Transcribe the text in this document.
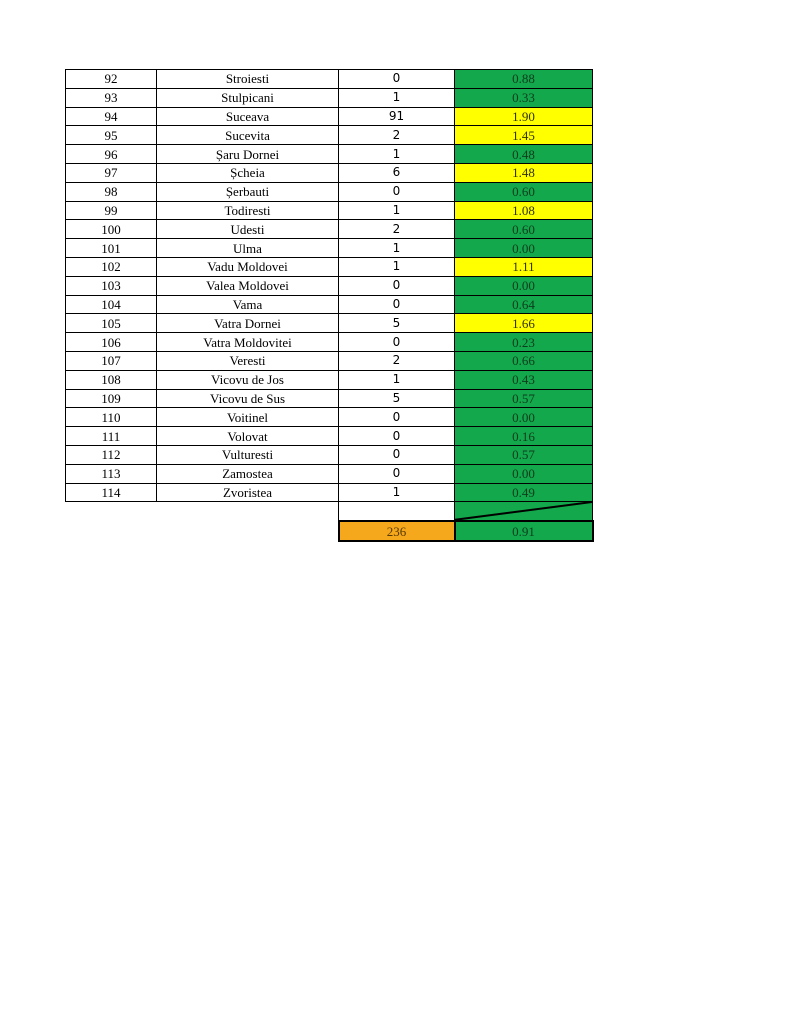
92	Stroiesti	0	0.88
93	Stulpicani	1	0.33
94	Suceava	91	1.90
95	Sucevita	2	1.45
96	Șaru Dornei	1	0.48
97	Șcheia	6	1.48
98	Șerbauti	0	0.60
99	Todiresti	1	1.08
100	Udesti	2	0.60
101	Ulma	1	0.00
102	Vadu Moldovei	1	1.11
103	Valea Moldovei	0	0.00
104	Vama	0	0.64
105	Vatra Dornei	5	1.66
106	Vatra Moldovitei	0	0.23
107	Veresti	2	0.66
108	Vicovu de Jos	1	0.43
109	Vicovu de Sus	5	0.57
110	Voitinel	0	0.00
111	Volovat	0	0.16
112	Vulturesti	0	0.57
113	Zamostea	0	0.00
114	Zvoristea	1	0.49

		236	0.91
